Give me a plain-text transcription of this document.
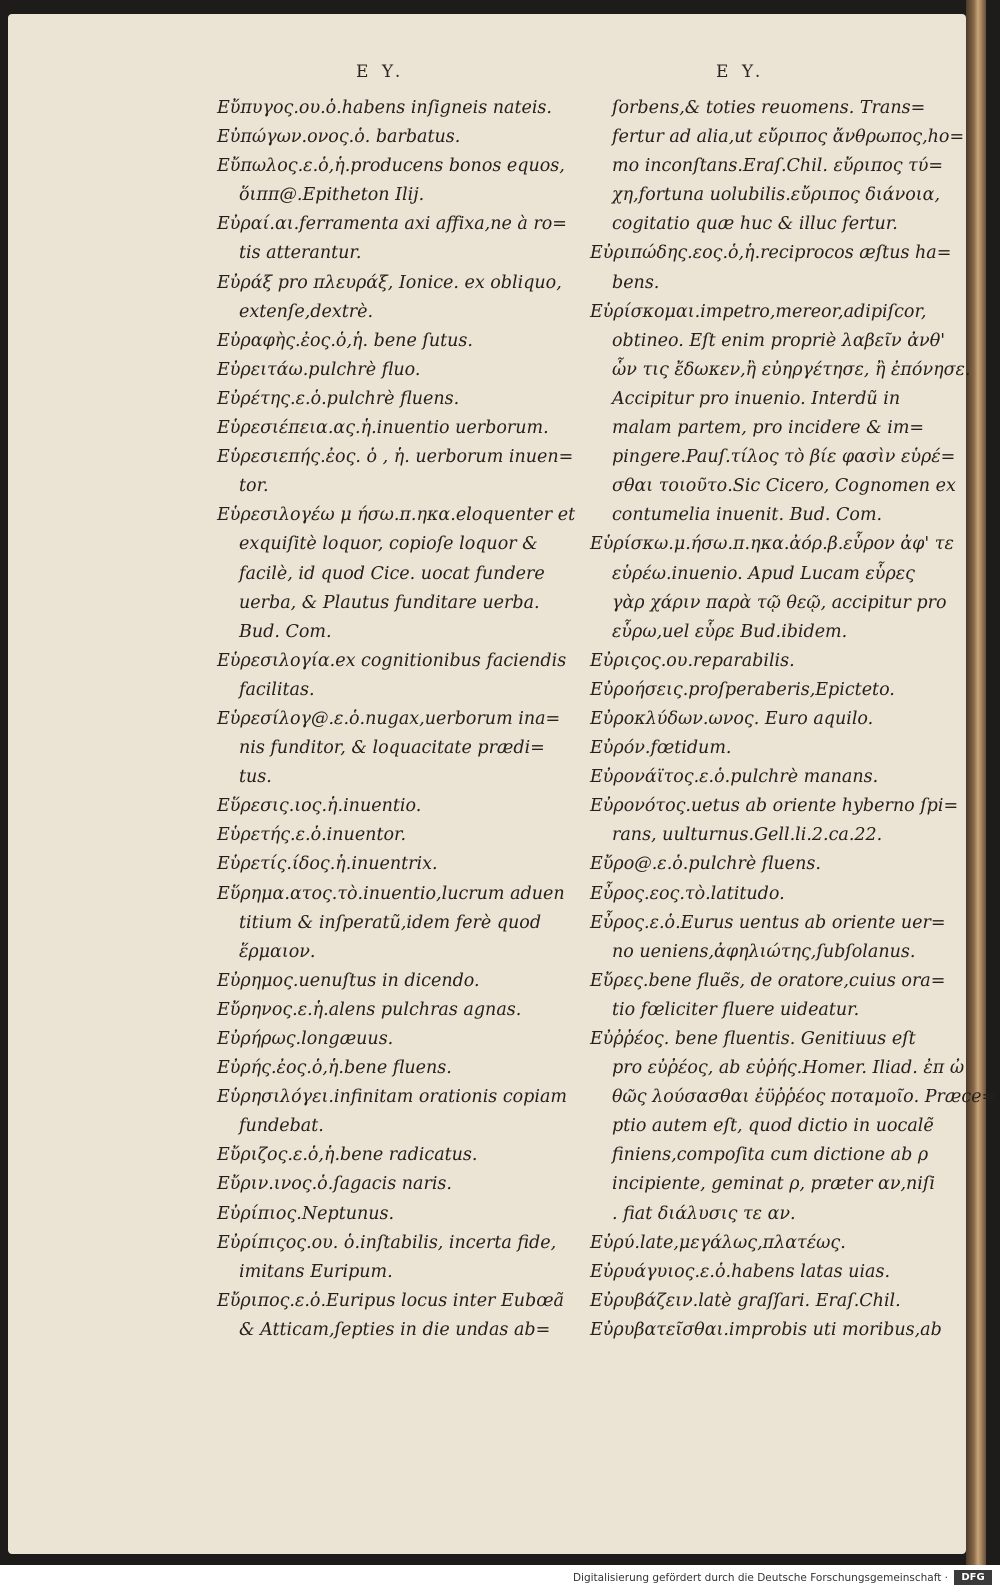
E Y.	E Y.
Εὔπυγος.ου.ὁ.habens inſigneis nateis.
Εὐπώγων.ονος.ὁ. barbatus.
Εὔπωλος.ε.ὁ,ἡ.producens bonos equos,
ὅιππ@.Epitheton Ilij.
Εὐραί.αι.ferramenta axi affixa,ne à ro=
tis atterantur.
Εὐράξ pro πλευράξ, Ionice. ex obliquo,
extenſe,dextrè.
Εὐραφὴς.ἐος.ὁ,ἡ. bene ſutus.
Εὐρειτάω.pulchrè fluo.
Εὐρέτης.ε.ὁ.pulchrè fluens.
Εὑρεσιέπεια.ας.ἡ.inuentio uerborum.
Εὑρεσιεπής.ἐος. ὁ , ἡ. uerborum inuen=
tor.
Εὑρεσιλογέω μ ήσω.π.ηκα.eloquenter et
exquiſitè loquor, copioſe loquor &
facilè, id quod Cice. uocat fundere
uerba, & Plautus funditare uerba.
Bud. Com.
Εὑρεσιλογία.ex cognitionibus faciendis
facilitas.
Εὑρεσίλογ@.ε.ὁ.nugax,uerborum ina=
nis funditor, & loquacitate prædi=
tus.
Εὕρεσις.ιος.ἡ.inuentio.
Εὑρετής.ε.ὁ.inuentor.
Εὑρετίς.ίδος.ἡ.inuentrix.
Εὕρημα.ατος.τὸ.inuentio,lucrum aduen
titium & inſperatũ,idem ferè quod
ἕρμαιον.
Εὐρημος.uenuſtus in dicendo.
Εὔρηνος.ε.ἡ.alens pulchras agnas.
Εὐρήρως.longæuus.
Εὐρής.ἐος.ὁ,ἡ.bene fluens.
Εὑρησιλόγει.infinitam orationis copiam
fundebat.
Εὔριζος.ε.ὁ,ἡ.bene radicatus.
Εὔριν.ινος.ὁ.ſagacis naris.
Εὐρίπιος.Neptunus.
Εὐρίπιςος.ου. ὁ.inſtabilis, incerta fide,
imitans Euripum.
Εὔριπος.ε.ὁ.Euripus locus inter Eubœã
& Atticam,ſepties in die undas ab=
ſorbens,& toties reuomens. Trans=
fertur ad alia,ut εὔριπος ἄνθρωπος,ho=
mo inconſtans.Eraſ.Chil. εὔριπος τύ=
χη,fortuna uolubilis.εὔριπος διάνοια,
cogitatio quæ huc & illuc fertur.
Εὐριπώδης.εος.ὁ,ἡ.reciprocos æſtus ha=
bens.
Εὑρίσκομαι.impetro,mereor,adipiſcor,
obtineo. Eſt enim propriè λαβεῖν ἀνθ'
ὧν τις ἔδωκεν,ἢ εὐηργέτησε, ἢ ἐπόνησε.
Accipitur pro inuenio. Interdũ in
malam partem, pro incidere & im=
pingere.Pauſ.τίλος τὸ βίε φασὶν εὑρέ=
σθαι τοιοῦτο.Sic Cicero, Cognomen ex
contumelia inuenit. Bud. Com.
Εὑρίσκω.μ.ήσω.π.ηκα.ἀόρ.β.εὗρον ἀφ' τε
εὑρέω.inuenio. Apud Lucam εὗρες
γὰρ χάριν παρὰ τῷ θεῷ, accipitur pro
εὗρω,uel εὗρε Bud.ibidem.
Εὐριςος.ου.reparabilis.
Εὐροήσεις.proſperaberis,Epicteto.
Εὐροκλύδων.ωνος. Euro aquilo.
Εὐρόν.fœtidum.
Εὐρονάϊτος.ε.ὁ.pulchrè manans.
Εὐρονότος.uetus ab oriente hyberno ſpi=
rans, uulturnus.Gell.li.2.ca.22.
Εὔρο@.ε.ὁ.pulchrè fluens.
Εὖρος.εος.τὸ.latitudo.
Εὖρος.ε.ὁ.Eurus uentus ab oriente uer=
no ueniens,ἀφηλιώτης,ſubſolanus.
Εὔρες.bene fluẽs, de oratore,cuius ora=
tio fœliciter fluere uideatur.
Εὐῤῥέος. bene fluentis. Genitiuus eſt
pro εὐῤέος, ab εὐῤής.Homer. Iliad. ἐπ ὠ
θῶς λούσασθαι ἐϋῤῥέος ποταμοῖο. Præce=
ptio autem eſt, quod dictio in uocalẽ
finiens,compoſita cum dictione ab ρ
incipiente, geminat ρ, præter αν,niſi
. fiat διάλυσις τε αν.
Εὐρύ.late,μεγάλως,πλατέως.
Εὐρυάγυιος.ε.ὁ.habens latas uias.
Εὐρυβάζειν.latè graſſari. Eraſ.Chil.
Εὐρυβατεῖσθαι.improbis uti moribus,ab
Digitalisierung gefördert durch die Deutsche Forschungsgemeinschaft ·	DFG
